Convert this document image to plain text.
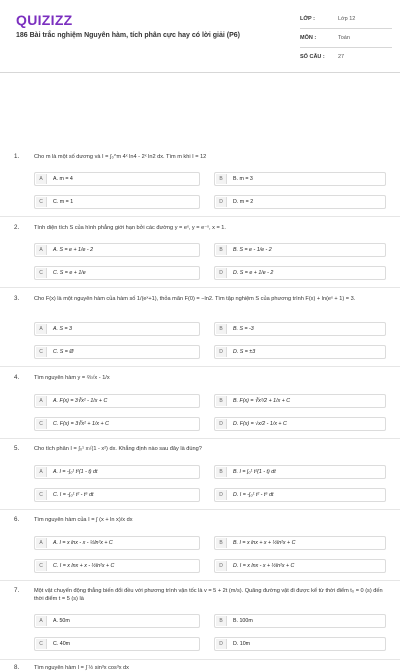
QUIZIZZ
186 Bài trắc nghiệm Nguyên hàm, tích phân cực hay có lời giải (P6)
LỚP :	Lớp 12
MÔN :	Toán
SỐ CÂU :	27
1.	Cho m là một số dương và I = ∫₀^m 4ˣ ln4 - 2ˣ ln2 dx. Tìm m khi I = 12
A	A. m = 4	B	B. m = 3
C	C. m = 1	D	D. m = 2
2.	Tính diện tích S của hình phẳng giới hạn bởi các đường y = eˣ, y = e⁻ˣ, x = 1.
A	A. S = e + 1/e - 2	B	B. S = e - 1/e - 2
C	C. S = e + 1/e	D	D. S = e + 1/e - 2
3.	Cho F(x) là một nguyên hàm của hàm số 1/(eˣ+1), thỏa mãn F(0) = −ln2. Tìm tập nghiệm S của phương trình F(x) + ln(eˣ + 1) = 3.
A	A. S = 3	B	B. S = -3
C	C. S = Ø	D	D. S = ±3
4.	Tìm nguyên hàm y = ⅔√x - 1/x
A	A. F(x) = 3∛x² - 1/x + C	B	B. F(x) = ∛x²/2 + 1/x + C
C	C. F(x) = 3∛x² + 1/x + C	D	D. F(x) = √x/2 - 1/x + C
5.	Cho tích phân I = ∫₀¹ x√(1 - x²) dx. Khẳng định nào sau đây là đúng?
A	A. I = -∫₀¹ t²(1 - t) dt	B	B. I = ∫₀¹ t²(1 - t) dt
C	C. I = -∫₀¹ t² - t⁵ dt	D	D. I = -∫₀¹ t² - t⁵ dt
6.	Tìm nguyên hàm của I = ∫ (x + ln x)/x dx
A	A. I = x lnx - x - ½ln²x + C	B	B. I = x lnx + x + ½ln²x + C
C	C. I = x lnx + x - ½ln²x + C	D	D. I = x lnx - x + ½ln²x + C
7.	Một vật chuyển động thẳng biến đổi đều với phương trình vận tốc là v = 5 + 2t (m/s). Quãng đường vật đi được kể từ thời điểm t₀ = 0 (s) đến thời điểm t = 5 (s) là
A	A. 50m	B	B. 100m
C	C. 40m	D	D. 10m
8.	Tìm nguyên hàm I = ∫ ½ sin³x cos³x dx
